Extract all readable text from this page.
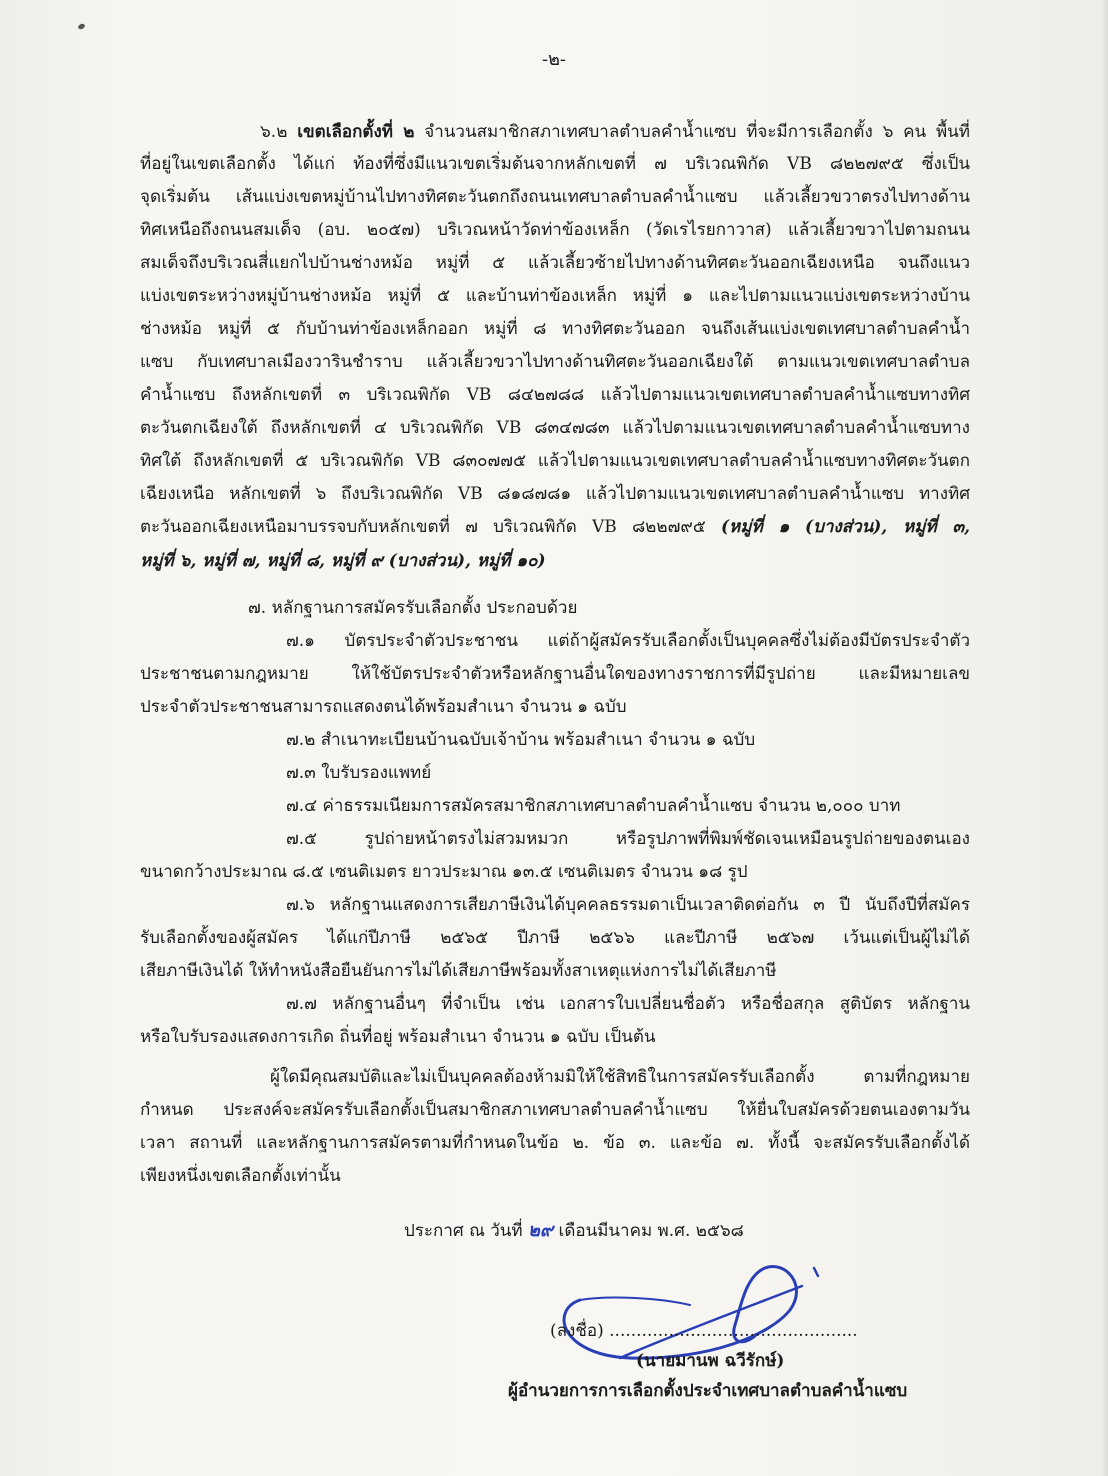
-๒-
๖.๒ เขตเลือกตั้งที่ ๒ จำนวนสมาชิกสภาเทศบาลตำบลคำน้ำแซบ ที่จะมีการเลือกตั้ง ๖ คน พื้นที่
ที่อยู่ในเขตเลือกตั้ง ได้แก่ ท้องที่ซึ่งมีแนวเขตเริ่มต้นจากหลักเขตที่ ๗ บริเวณพิกัด VB ๘๒๒๗๙๕ ซึ่งเป็น
จุดเริ่มต้น เส้นแบ่งเขตหมู่บ้านไปทางทิศตะวันตกถึงถนนเทศบาลตำบลคำน้ำแซบ แล้วเลี้ยวขวาตรงไปทางด้าน
ทิศเหนือถึงถนนสมเด็จ (อบ. ๒๐๕๗) บริเวณหน้าวัดท่าข้องเหล็ก (วัดเรไรยกาวาส) แล้วเลี้ยวขวาไปตามถนน
สมเด็จถึงบริเวณสี่แยกไปบ้านช่างหม้อ หมู่ที่ ๕ แล้วเลี้ยวซ้ายไปทางด้านทิศตะวันออกเฉียงเหนือ จนถึงแนว
แบ่งเขตระหว่างหมู่บ้านช่างหม้อ หมู่ที่ ๕ และบ้านท่าข้องเหล็ก หมู่ที่ ๑ และไปตามแนวแบ่งเขตระหว่างบ้าน
ช่างหม้อ หมู่ที่ ๕ กับบ้านท่าข้องเหล็กออก หมู่ที่ ๘ ทางทิศตะวันออก จนถึงเส้นแบ่งเขตเทศบาลตำบลคำน้ำ
แซบ กับเทศบาลเมืองวารินชำราบ แล้วเลี้ยวขวาไปทางด้านทิศตะวันออกเฉียงใต้ ตามแนวเขตเทศบาลตำบล
คำน้ำแซบ ถึงหลักเขตที่ ๓ บริเวณพิกัด VB ๘๔๒๗๘๘ แล้วไปตามแนวเขตเทศบาลตำบลคำน้ำแซบทางทิศ
ตะวันตกเฉียงใต้ ถึงหลักเขตที่ ๔ บริเวณพิกัด VB ๘๓๔๗๘๓ แล้วไปตามแนวเขตเทศบาลตำบลคำน้ำแซบทาง
ทิศใต้ ถึงหลักเขตที่ ๕ บริเวณพิกัด VB ๘๓๐๗๗๕ แล้วไปตามแนวเขตเทศบาลตำบลคำน้ำแซบทางทิศตะวันตก
เฉียงเหนือ หลักเขตที่ ๖ ถึงบริเวณพิกัด VB ๘๑๘๗๘๑ แล้วไปตามแนวเขตเทศบาลตำบลคำน้ำแซบ ทางทิศ
ตะวันออกเฉียงเหนือมาบรรจบกับหลักเขตที่ ๗ บริเวณพิกัด VB ๘๒๒๗๙๕ (หมู่ที่ ๑ (บางส่วน), หมู่ที่ ๓,
หมู่ที่ ๖, หมู่ที่ ๗, หมู่ที่ ๘, หมู่ที่ ๙ (บางส่วน), หมู่ที่ ๑๐)
๗. หลักฐานการสมัครรับเลือกตั้ง ประกอบด้วย
๗.๑ บัตรประจำตัวประชาชน แต่ถ้าผู้สมัครรับเลือกตั้งเป็นบุคคลซึ่งไม่ต้องมีบัตรประจำตัว
ประชาชนตามกฎหมาย ให้ใช้บัตรประจำตัวหรือหลักฐานอื่นใดของทางราชการที่มีรูปถ่าย และมีหมายเลข
ประจำตัวประชาชนสามารถแสดงตนได้พร้อมสำเนา จำนวน ๑ ฉบับ
๗.๒ สำเนาทะเบียนบ้านฉบับเจ้าบ้าน พร้อมสำเนา จำนวน ๑ ฉบับ
๗.๓ ใบรับรองแพทย์
๗.๔ ค่าธรรมเนียมการสมัครสมาชิกสภาเทศบาลตำบลคำน้ำแซบ จำนวน ๒,๐๐๐ บาท
๗.๕ รูปถ่ายหน้าตรงไม่สวมหมวก หรือรูปภาพที่พิมพ์ชัดเจนเหมือนรูปถ่ายของตนเอง
ขนาดกว้างประมาณ ๘.๕ เซนติเมตร ยาวประมาณ ๑๓.๕ เซนติเมตร จำนวน ๑๘ รูป
๗.๖ หลักฐานแสดงการเสียภาษีเงินได้บุคคลธรรมดาเป็นเวลาติดต่อกัน ๓ ปี นับถึงปีที่สมัคร
รับเลือกตั้งของผู้สมัคร ได้แก่ปีภาษี ๒๕๖๕ ปีภาษี ๒๕๖๖ และปีภาษี ๒๕๖๗ เว้นแต่เป็นผู้ไม่ได้
เสียภาษีเงินได้ ให้ทำหนังสือยืนยันการไม่ได้เสียภาษีพร้อมทั้งสาเหตุแห่งการไม่ได้เสียภาษี
๗.๗ หลักฐานอื่นๆ ที่จำเป็น เช่น เอกสารใบเปลี่ยนชื่อตัว หรือชื่อสกุล สูติบัตร หลักฐาน
หรือใบรับรองแสดงการเกิด ถิ่นที่อยู่ พร้อมสำเนา จำนวน ๑ ฉบับ เป็นต้น
ผู้ใดมีคุณสมบัติและไม่เป็นบุคคลต้องห้ามมิให้ใช้สิทธิในการสมัครรับเลือกตั้ง ตามที่กฎหมาย
กำหนด ประสงค์จะสมัครรับเลือกตั้งเป็นสมาชิกสภาเทศบาลตำบลคำน้ำแซบ ให้ยื่นใบสมัครด้วยตนเองตามวัน
เวลา สถานที่ และหลักฐานการสมัครตามที่กำหนดในข้อ ๒. ข้อ ๓. และข้อ ๗. ทั้งนี้ จะสมัครรับเลือกตั้งได้
เพียงหนึ่งเขตเลือกตั้งเท่านั้น
ประกาศ ณ วันที่ ๒๙ เดือนมีนาคม พ.ศ. ๒๕๖๘
(ลงชื่อ) ..............................................
(นายมานพ ฉวีรักษ์)
ผู้อำนวยการการเลือกตั้งประจำเทศบาลตำบลคำน้ำแซบ
